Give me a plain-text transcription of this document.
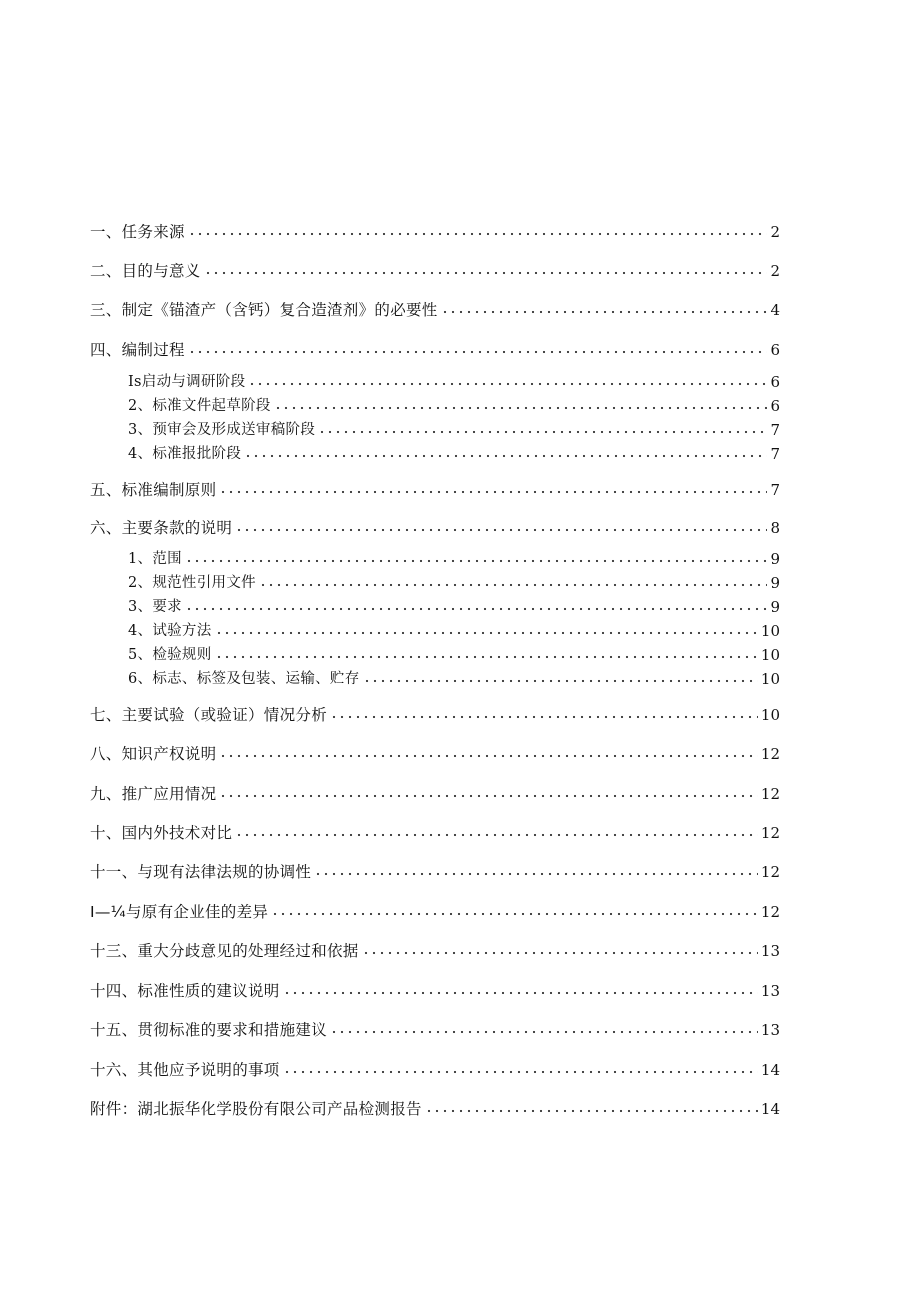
一、任务来源	2
二、目的与意义	2
三、制定《锚渣产（含钙）复合造渣剂》的必要性	4
四、编制过程	6
Is启动与调研阶段	6
2、标准文件起草阶段	6
3、预审会及形成送审稿阶段	7
4、标准报批阶段	7
五、标准编制原则	7
六、主要条款的说明	8
1、范围	9
2、规范性引用文件	9
3、要求	9
4、试验方法	10
5、检验规则	10
6、标志、标签及包装、运输、贮存	10
七、主要试验（或验证）情况分析	10
八、知识产权说明	12
九、推广应用情况	12
十、国内外技术对比	12
十一、与现有法律法规的协调性	12
I—¼与原有企业佳的差异	12
十三、重大分歧意见的处理经过和依据	13
十四、标准性质的建议说明	13
十五、贯彻标准的要求和措施建议	13
十六、其他应予说明的事项	14
附件：湖北振华化学股份有限公司产品检测报告	14
